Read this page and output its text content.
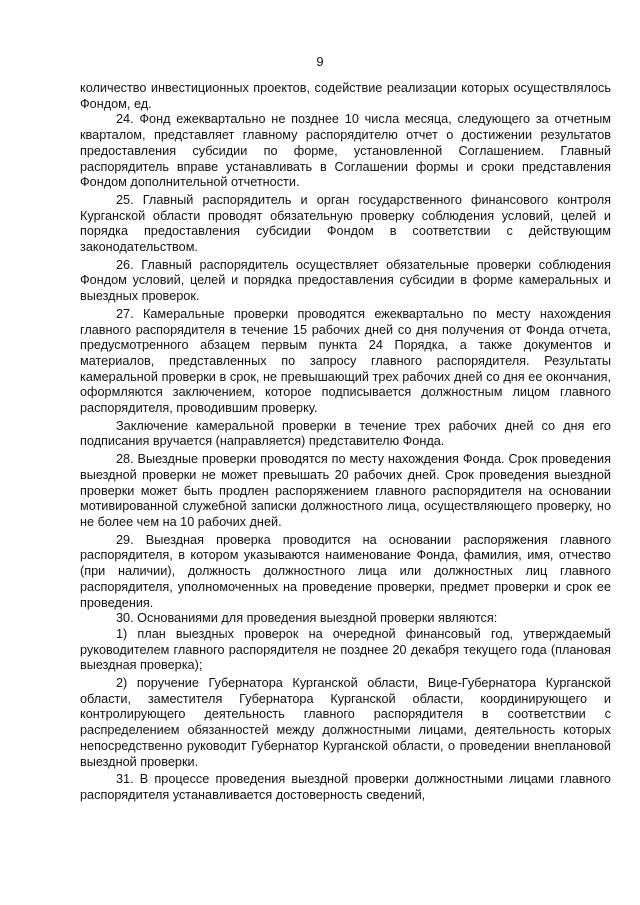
9

количество инвестиционных проектов, содействие реализации которых осуществлялось Фондом, ед.

24. Фонд ежеквартально не позднее 10 числа месяца, следующего за отчетным кварталом, представляет главному распорядителю отчет о достижении результатов предоставления субсидии по форме, установленной Соглашением. Главный распорядитель вправе устанавливать в Соглашении формы и сроки представления Фондом дополнительной отчетности.

25. Главный распорядитель и орган государственного финансового контроля Курганской области проводят обязательную проверку соблюдения условий, целей и порядка предоставления субсидии Фондом в соответствии с действующим законодательством.

26. Главный распорядитель осуществляет обязательные проверки соблюдения Фондом условий, целей и порядка предоставления субсидии в форме камеральных и выездных проверок.

27. Камеральные проверки проводятся ежеквартально по месту нахождения главного распорядителя в течение 15 рабочих дней со дня получения от Фонда отчета, предусмотренного абзацем первым пункта 24 Порядка, а также документов и материалов, представленных по запросу главного распорядителя. Результаты камеральной проверки в срок, не превышающий трех рабочих дней со дня ее окончания, оформляются заключением, которое подписывается должностным лицом главного распорядителя, проводившим проверку.

Заключение камеральной проверки в течение трех рабочих дней со дня его подписания вручается (направляется) представителю Фонда.

28. Выездные проверки проводятся по месту нахождения Фонда. Срок проведения выездной проверки не может превышать 20 рабочих дней. Срок проведения выездной проверки может быть продлен распоряжением главного распорядителя на основании мотивированной служебной записки должностного лица, осуществляющего проверку, но не более чем на 10 рабочих дней.

29. Выездная проверка проводится на основании распоряжения главного распорядителя, в котором указываются наименование Фонда, фамилия, имя, отчество (при наличии), должность должностного лица или должностных лиц главного распорядителя, уполномоченных на проведение проверки, предмет проверки и срок ее проведения.

30. Основаниями для проведения выездной проверки являются:

1) план выездных проверок на очередной финансовый год, утверждаемый руководителем главного распорядителя не позднее 20 декабря текущего года (плановая выездная проверка);

2) поручение Губернатора Курганской области, Вице-Губернатора Курганской области, заместителя Губернатора Курганской области, координирующего и контролирующего деятельность главного распорядителя в соответствии с распределением обязанностей между должностными лицами, деятельность которых непосредственно руководит Губернатор Курганской области, о проведении внеплановой выездной проверки.

31. В процессе проведения выездной проверки должностными лицами главного распорядителя устанавливается достоверность сведений,
